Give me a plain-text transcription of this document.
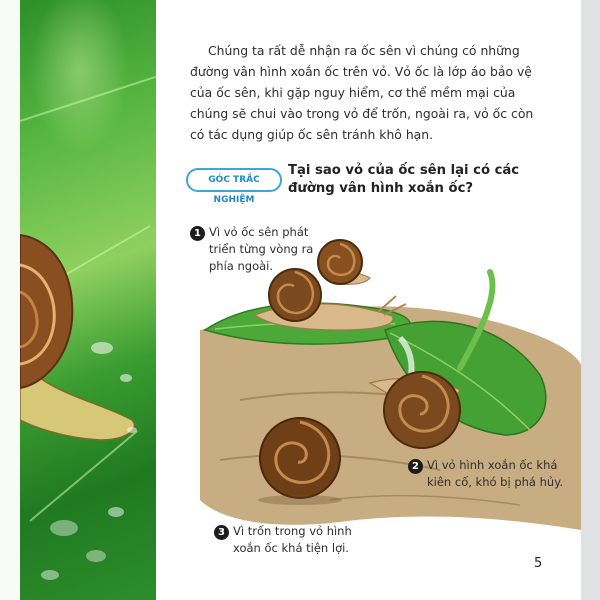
Chúng ta rất dễ nhận ra ốc sên vì chúng có những đường vân hình xoắn ốc trên vỏ. Vỏ ốc là lớp áo bảo vệ của ốc sên, khi gặp nguy hiểm, cơ thể mềm mại của chúng sẽ chui vào trong vỏ để trốn, ngoài ra, vỏ ốc còn có tác dụng giúp ốc sên tránh khô hạn.

GÓC TRẮC NGHIỆM

Tại sao vỏ của ốc sên lại có các đường vân hình xoắn ốc?

1 Vì vỏ ốc sên phát triển từng vòng ra phía ngoài.

2 Vì vỏ hình xoắn ốc khá kiên cố, khó bị phá hủy.

3 Vì trốn trong vỏ hình xoắn ốc khá tiện lợi.

5
